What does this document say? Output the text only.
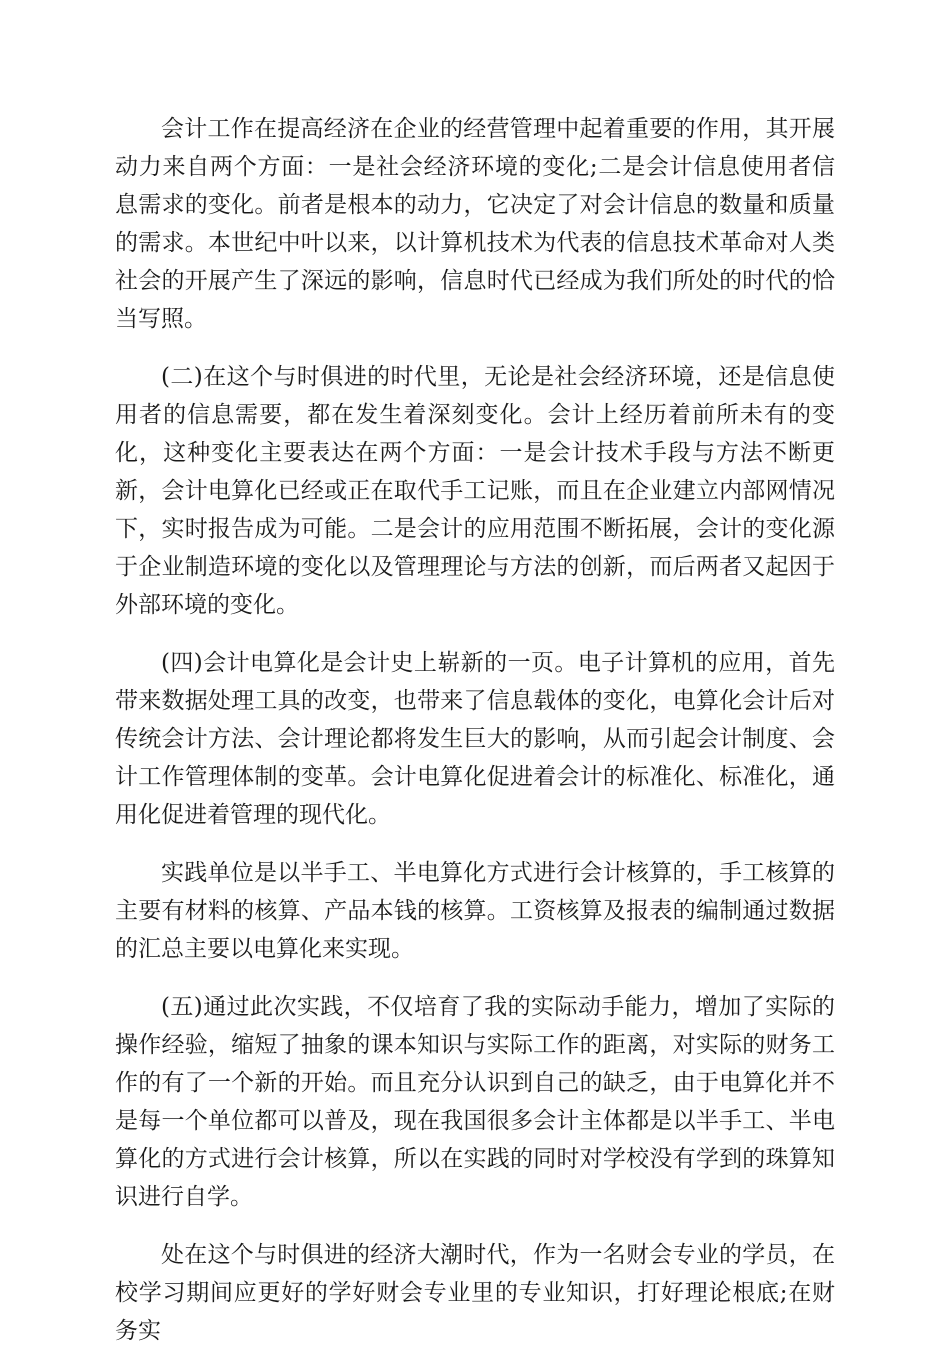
会计工作在提高经济在企业的经营管理中起着重要的作用，其开展动力来自两个方面：一是社会经济环境的变化;二是会计信息使用者信息需求的变化。前者是根本的动力，它决定了对会计信息的数量和质量的需求。本世纪中叶以来，以计算机技术为代表的信息技术革命对人类社会的开展产生了深远的影响，信息时代已经成为我们所处的时代的恰当写照。

(二)在这个与时俱进的时代里，无论是社会经济环境，还是信息使用者的信息需要，都在发生着深刻变化。会计上经历着前所未有的变化，这种变化主要表达在两个方面：一是会计技术手段与方法不断更新，会计电算化已经或正在取代手工记账，而且在企业建立内部网情况下，实时报告成为可能。二是会计的应用范围不断拓展，会计的变化源于企业制造环境的变化以及管理理论与方法的创新，而后两者又起因于外部环境的变化。

(四)会计电算化是会计史上崭新的一页。电子计算机的应用，首先带来数据处理工具的改变，也带来了信息载体的变化，电算化会计后对传统会计方法、会计理论都将发生巨大的影响，从而引起会计制度、会计工作管理体制的变革。会计电算化促进着会计的标准化、标准化，通用化促进着管理的现代化。

实践单位是以半手工、半电算化方式进行会计核算的，手工核算的主要有材料的核算、产品本钱的核算。工资核算及报表的编制通过数据的汇总主要以电算化来实现。

(五)通过此次实践，不仅培育了我的实际动手能力，增加了实际的操作经验，缩短了抽象的课本知识与实际工作的距离，对实际的财务工作的有了一个新的开始。而且充分认识到自己的缺乏，由于电算化并不是每一个单位都可以普及，现在我国很多会计主体都是以半手工、半电算化的方式进行会计核算，所以在实践的同时对学校没有学到的珠算知识进行自学。

处在这个与时俱进的经济大潮时代，作为一名财会专业的学员，在校学习期间应更好的学好财会专业里的专业知识，打好理论根底;在财务实
